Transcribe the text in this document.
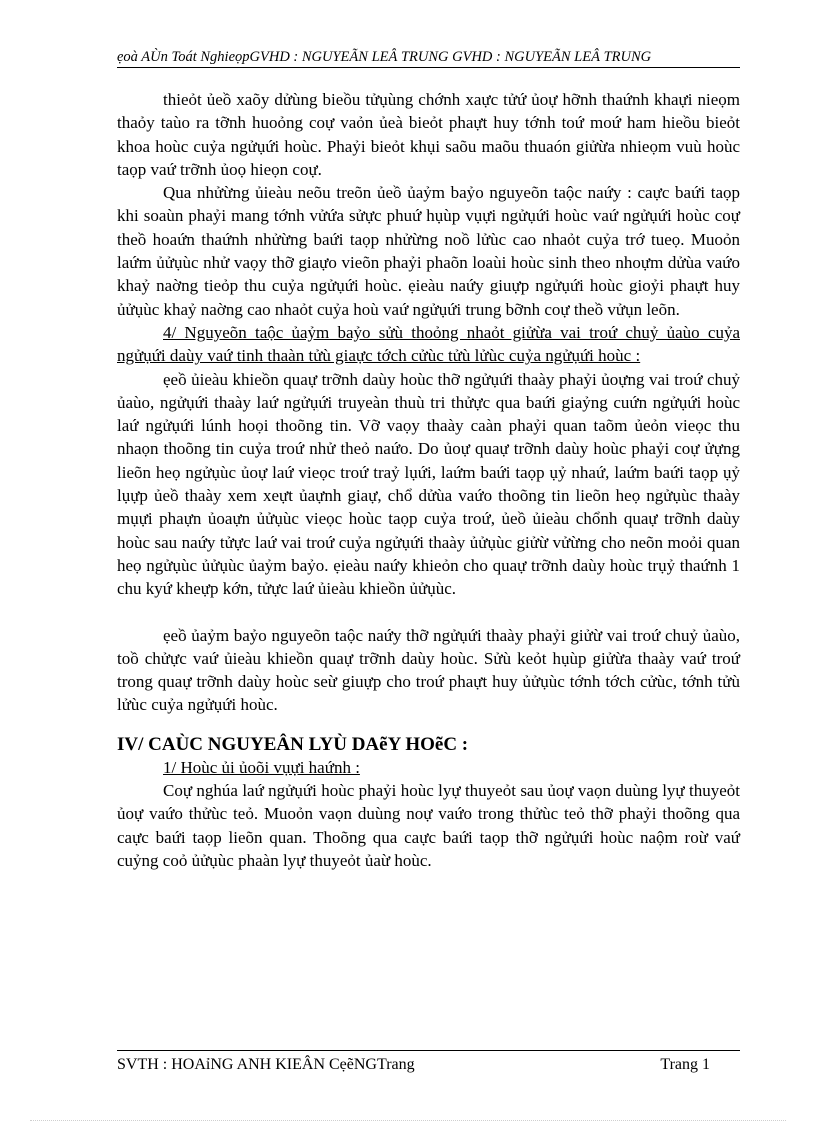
ẹoà AÙn Toát NghieọpGVHD : NGUYEÃN LEÂ TRUNG GVHD : NGUYEÃN LEÂ TRUNG

thieỏt ủeồ xaõy dửùng bieồu tửụùng chớnh xaực tửứ ủoự hỡnh thaứnh khaựi nieọm thaỏy taùo ra tỡnh huoỏng coự vaỏn ủeà bieỏt phaựt huy tớnh toứ moứ ham hieồu bieỏt khoa hoùc cuỷa ngửụứi hoùc. Phaỷi bieỏt khụi saõu maõu thuaón giửừa nhieọm vuù hoùc taọp vaứ trỡnh ủoọ hieọn coự.

Qua nhửừng ủieàu neõu treõn ủeồ ủaỷm baỷo nguyeõn taộc naứy : caực baứi taọp khi soaùn phaỷi mang tớnh vửứa sửực phuứ hụùp vụựi ngửụứi hoùc vaứ ngửụứi hoùc coự theồ hoaứn thaứnh nhửừng baứi taọp nhửừng noồ lửùc cao nhaỏt cuỷa trớ tueọ. Muoỏn laứm ủửụùc nhử vaọy thỡ giaựo vieõn phaỷi phaõn loaùi hoùc sinh theo nhoựm dửùa vaứo khaỷ naờng tieỏp thu cuỷa ngửụứi hoùc. ẹieàu naứy giuựp ngửụứi hoùc gioỷi phaựt huy ủửụùc khaỷ naờng cao nhaỏt cuỷa hoù vaứ ngửụứi trung bỡnh coự theồ vửụn leõn.

4/ Nguyeõn taộc ủaỷm baỷo sửù thoỏng nhaỏt giửừa vai troứ chuỷ ủaùo cuỷa ngửụứi daùy vaứ tinh thaàn tửù giaực tớch cửùc tửù lửùc cuỷa ngửụứi hoùc :

ẹeồ ủieàu khieồn quaự trỡnh daùy hoùc thỡ ngửụứi thaày phaỷi ủoựng vai troứ chuỷ ủaùo, ngửụứi thaày laứ ngửụứi truyeàn thuù tri thửực qua baứi giaỷng cuứn ngửụứi hoùc laứ ngửụứi lúnh hoọi thoõng tin. Vỡ vaọy thaày caàn phaỷi quan taõm ủeỏn vieọc thu nhaọn thoõng tin cuỷa troứ nhử theỏ naứo. Do ủoự quaự trỡnh daùy hoùc phaỷi coự ửựng lieõn heọ ngửụùc ủoự laứ vieọc troứ traỷ lụứi, laứm baứi taọp ụỷ nhaứ, laứm baứi taọp ụỷ lụựp ủeồ thaày xem xeựt ủaựnh giaự, chổ dửùa vaứo thoõng tin lieõn heọ ngửụùc thaày mụựi phaựn ủoaựn ủửụùc vieọc hoùc taọp cuỷa troứ, ủeồ ủieàu chổnh quaự trỡnh daùy hoùc sau naứy tửực laứ vai troứ cuỷa ngửụứi thaày ủửụùc giửừ vửừng cho neõn moỏi quan heọ ngửụùc ủửụùc ủaỷm baỷo. ẹieàu naứy khieỏn cho quaự trỡnh daùy hoùc trụỷ thaứnh 1 chu kyứ kheựp kớn, tửực laứ ủieàu khieồn ủửụùc.

ẹeồ ủaỷm baỷo nguyeõn taộc naứy thỡ ngửụứi thaày phaỷi giửừ vai troứ chuỷ ủaùo, toồ chửực vaứ ủieàu khieồn quaự trỡnh daùy hoùc. Sửù keỏt hụùp giửừa thaày vaứ troứ trong quaự trỡnh daùy hoùc seừ giuựp cho troứ phaựt huy ủửụùc tớnh tớch cửùc, tớnh tửù lửùc cuỷa ngửụứi hoùc.

IV/ CAÙC NGUYEÂN LYÙ DAẽY HOẽC :

1/ Hoùc ủi ủoõi vụựi haứnh :

Coự nghúa laứ ngửụứi hoùc phaỷi hoùc lyự thuyeỏt sau ủoự vaọn duùng lyự thuyeỏt ủoự vaứo thửùc teỏ. Muoỏn vaọn duùng noự vaứo trong thửùc teỏ thỡ phaỷi thoõng qua caực baứi taọp lieõn quan. Thoõng qua caực baứi taọp thỡ ngửụứi hoùc naộm roừ vaứ cuỷng coỏ ủửụùc phaàn lyự thuyeỏt ủaừ hoùc.

SVTH : HOAỉNG ANH KIEÂN CẹẽNGTrang	Trang 1
